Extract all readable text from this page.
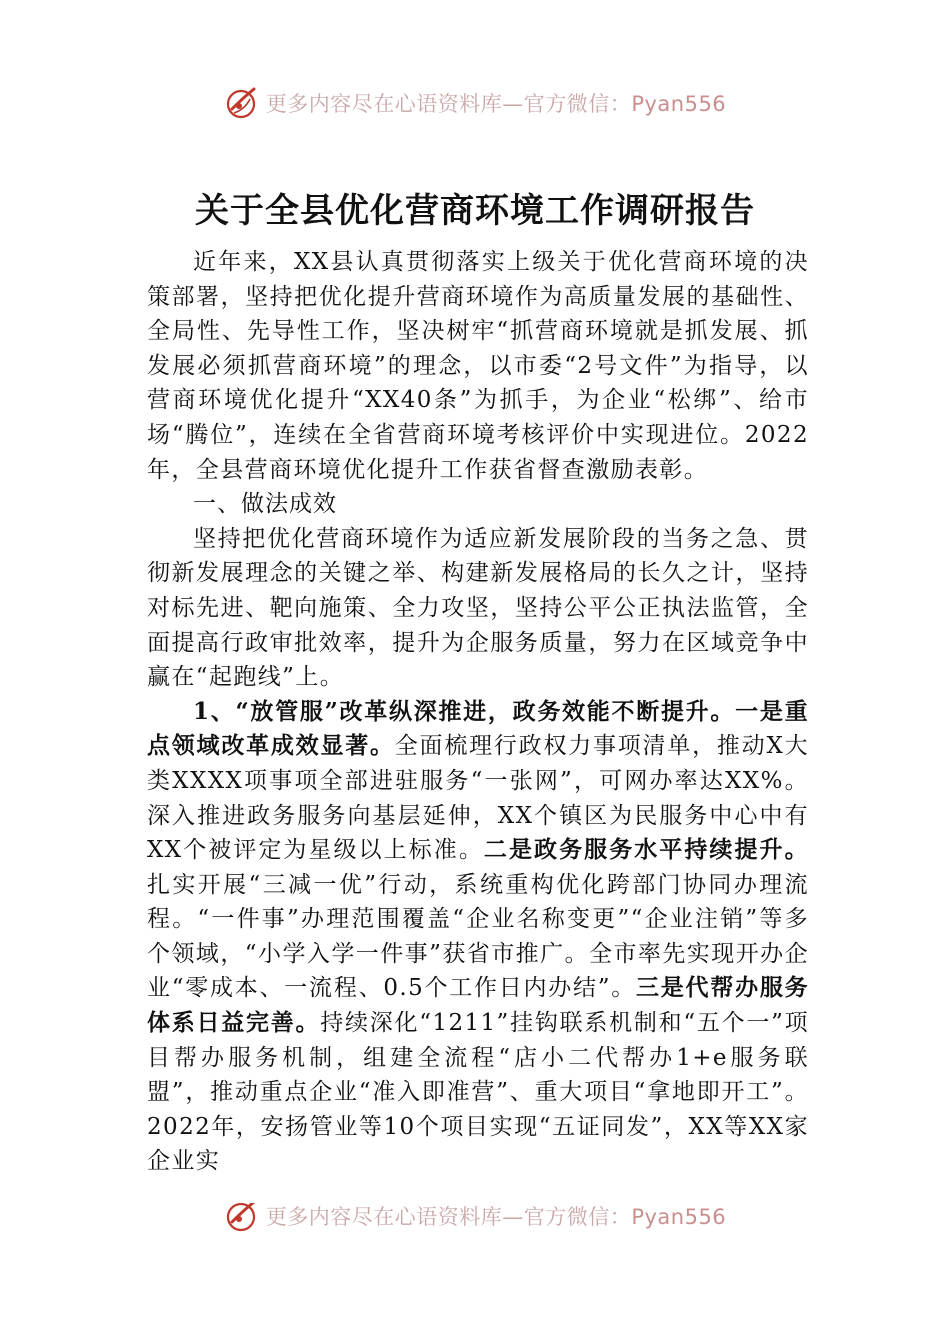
更多内容尽在心语资料库—官方微信：Pyan556
关于全县优化营商环境工作调研报告

近年来，XX县认真贯彻落实上级关于优化营商环境的决策部署，坚持把优化提升营商环境作为高质量发展的基础性、全局性、先导性工作，坚决树牢“抓营商环境就是抓发展、抓发展必须抓营商环境”的理念，以市委“2号文件”为指导，以营商环境优化提升“XX40条”为抓手，为企业“松绑”、给市场“腾位”，连续在全省营商环境考核评价中实现进位。2022年，全县营商环境优化提升工作获省督查激励表彰。

一、做法成效

坚持把优化营商环境作为适应新发展阶段的当务之急、贯彻新发展理念的关键之举、构建新发展格局的长久之计，坚持对标先进、靶向施策、全力攻坚，坚持公平公正执法监管，全面提高行政审批效率，提升为企服务质量，努力在区域竞争中赢在“起跑线”上。

1、“放管服”改革纵深推进，政务效能不断提升。一是重点领域改革成效显著。全面梳理行政权力事项清单，推动X大类XXXX项事项全部进驻服务“一张网”，可网办率达XX%。深入推进政务服务向基层延伸，XX个镇区为民服务中心中有XX个被评定为星级以上标准。二是政务服务水平持续提升。扎实开展“三减一优”行动，系统重构优化跨部门协同办理流程。“一件事”办理范围覆盖“企业名称变更”“企业注销”等多个领域，“小学入学一件事”获省市推广。全市率先实现开办企业“零成本、一流程、0.5个工作日内办结”。三是代帮办服务体系日益完善。持续深化“1211”挂钩联系机制和“五个一”项目帮办服务机制，组建全流程“店小二代帮办1+e服务联盟”，推动重点企业“准入即准营”、重大项目“拿地即开工”。2022年，安扬管业等10个项目实现“五证同发”，XX等XX家企业实

更多内容尽在心语资料库—官方微信：Pyan556
